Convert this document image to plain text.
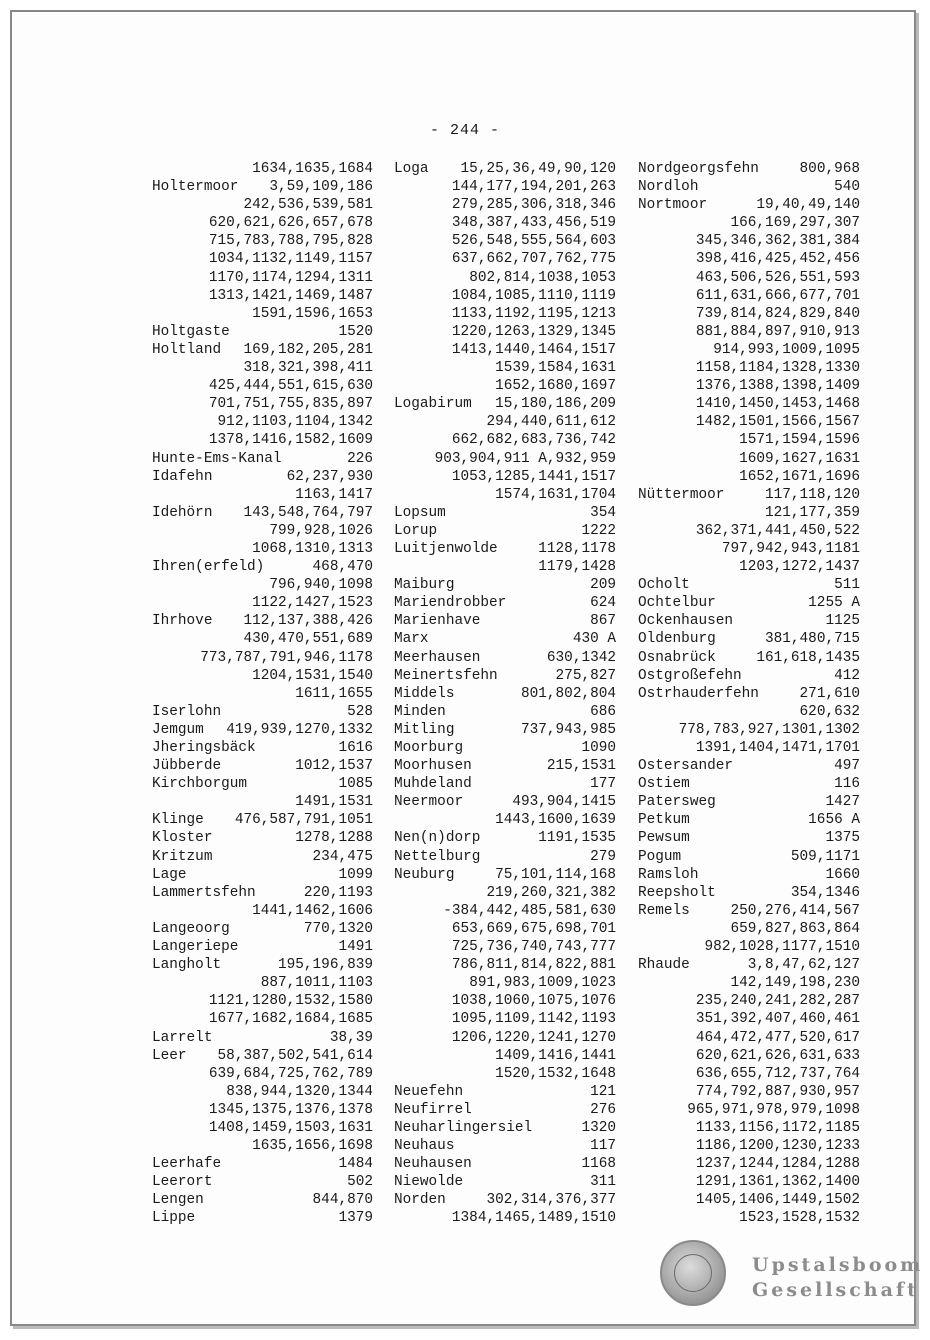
- 244 -
1634,1635,1684
Holtermoor 3,59,109,186
242,536,539,581
620,621,626,657,678
715,783,788,795,828
1034,1132,1149,1157
1170,1174,1294,1311
1313,1421,1469,1487
1591,1596,1653
Holtgaste	1520
Holtland 169,182,205,281
318,321,398,411
425,444,551,615,630
701,751,755,835,897
912,1103,1104,1342
1378,1416,1582,1609
Hunte-Ems-Kanal	226
Idafehn	62,237,930
1163,1417
Idehörn 143,548,764,797
799,928,1026
1068,1310,1313
Ihren(erfeld)	468,470
796,940,1098
1122,1427,1523
Ihrhove 112,137,388,426
430,470,551,689
773,787,791,946,1178
1204,1531,1540
1611,1655
Iserlohn	528
Jemgum 419,939,1270,1332
Jheringsbäck	1616
Jübberde	1012,1537
Kirchborgum	1085
1491,1531
Klinge 476,587,791,1051
Kloster	1278,1288
Kritzum	234,475
Lage	1099
Lammertsfehn	220,1193
1441,1462,1606
Langeoorg	770,1320
Langeriepe	1491
Langholt	195,196,839
887,1011,1103
1121,1280,1532,1580
1677,1682,1684,1685
Larrelt	38,39
Leer 58,387,502,541,614
639,684,725,762,789
838,944,1320,1344
1345,1375,1376,1378
1408,1459,1503,1631
1635,1656,1698
Leerhafe	1484
Leerort	502
Lengen	844,870
Lippe	1379
Loga 15,25,36,49,90,120
144,177,194,201,263
279,285,306,318,346
348,387,433,456,519
526,548,555,564,603
637,662,707,762,775
802,814,1038,1053
1084,1085,1110,1119
1133,1192,1195,1213
1220,1263,1329,1345
1413,1440,1464,1517
1539,1584,1631
1652,1680,1697
Logabirum 15,180,186,209
294,440,611,612
662,682,683,736,742
903,904,911 A,932,959
1053,1285,1441,1517
1574,1631,1704
Lopsum	354
Lorup	1222
Luitjenwolde	1128,1178
1179,1428
Maiburg	209
Mariendrobber	624
Marienhave	867
Marx	430 A
Meerhausen	630,1342
Meinertsfehn	275,827
Middels	801,802,804
Minden	686
Mitling	737,943,985
Moorburg	1090
Moorhusen	215,1531
Muhdeland	177
Neermoor	493,904,1415
1443,1600,1639
Nen(n)dorp	1191,1535
Nettelburg	279
Neuburg	75,101,114,168
219,260,321,382
-384,442,485,581,630
653,669,675,698,701
725,736,740,743,777
786,811,814,822,881
891,983,1009,1023
1038,1060,1075,1076
1095,1109,1142,1193
1206,1220,1241,1270
1409,1416,1441
1520,1532,1648
Neuefehn	121
Neufirrel	276
Neuharlingersiel	1320
Neuhaus	117
Neuhausen	1168
Niewolde	311
Norden	302,314,376,377
1384,1465,1489,1510
Nordgeorgsfehn	800,968
Nordloh	540
Nortmoor	19,40,49,140
166,169,297,307
345,346,362,381,384
398,416,425,452,456
463,506,526,551,593
611,631,666,677,701
739,814,824,829,840
881,884,897,910,913
914,993,1009,1095
1158,1184,1328,1330
1376,1388,1398,1409
1410,1450,1453,1468
1482,1501,1566,1567
1571,1594,1596
1609,1627,1631
1652,1671,1696
Nüttermoor	117,118,120
121,177,359
362,371,441,450,522
797,942,943,1181
1203,1272,1437
Ocholt	511
Ochtelbur	1255 A
Ockenhausen	1125
Oldenburg	381,480,715
Osnabrück	161,618,1435
Ostgroßefehn	412
Ostrhauderfehn	271,610
620,632
778,783,927,1301,1302
1391,1404,1471,1701
Ostersander	497
Ostiem	116
Patersweg	1427
Petkum	1656 A
Pewsum	1375
Pogum	509,1171
Ramsloh	1660
Reepsholt	354,1346
Remels	250,276,414,567
659,827,863,864
982,1028,1177,1510
Rhaude	3,8,47,62,127
142,149,198,230
235,240,241,282,287
351,392,407,460,461
464,472,477,520,617
620,621,626,631,633
636,655,712,737,764
774,792,887,930,957
965,971,978,979,1098
1133,1156,1172,1185
1186,1200,1230,1233
1237,1244,1284,1288
1291,1361,1362,1400
1405,1406,1449,1502
1523,1528,1532
Upstalsboom
Gesellschaft
